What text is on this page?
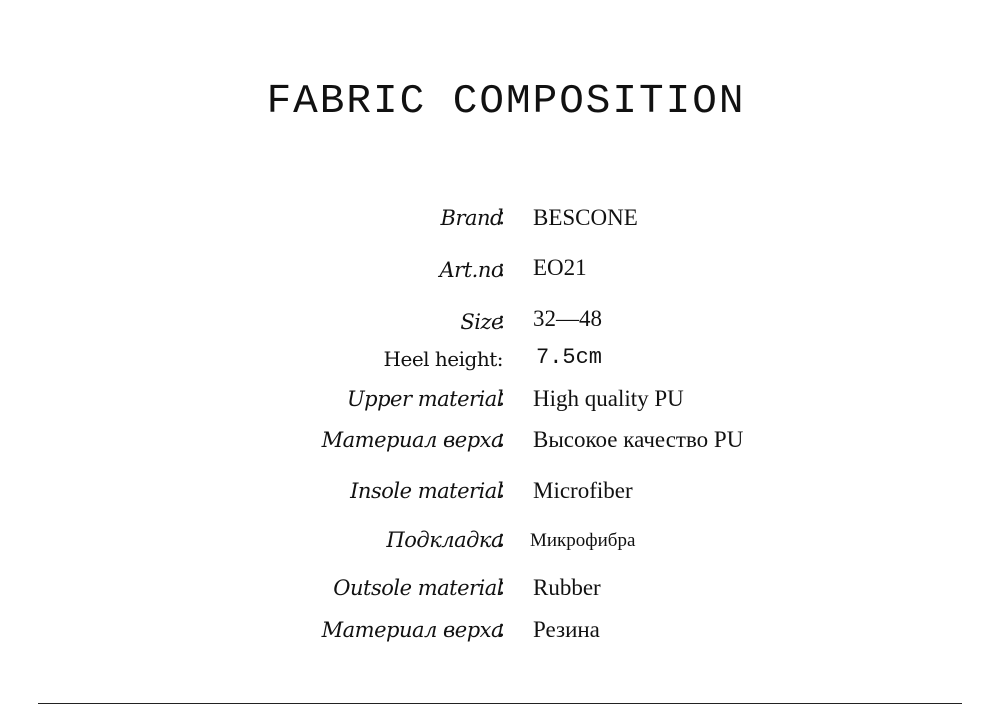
FABRIC COMPOSITION
Brand
： BESCONE
Art.no
： EO21
Size
： 32—48
Heel height: 7.5cm
Upper material
： High quality PU
Материал верха
： Высокое качество PU
Insole material
： Microfiber
Подкладка
： Микрофибра
Outsole material
： Rubber
Материал верха
： Резина
